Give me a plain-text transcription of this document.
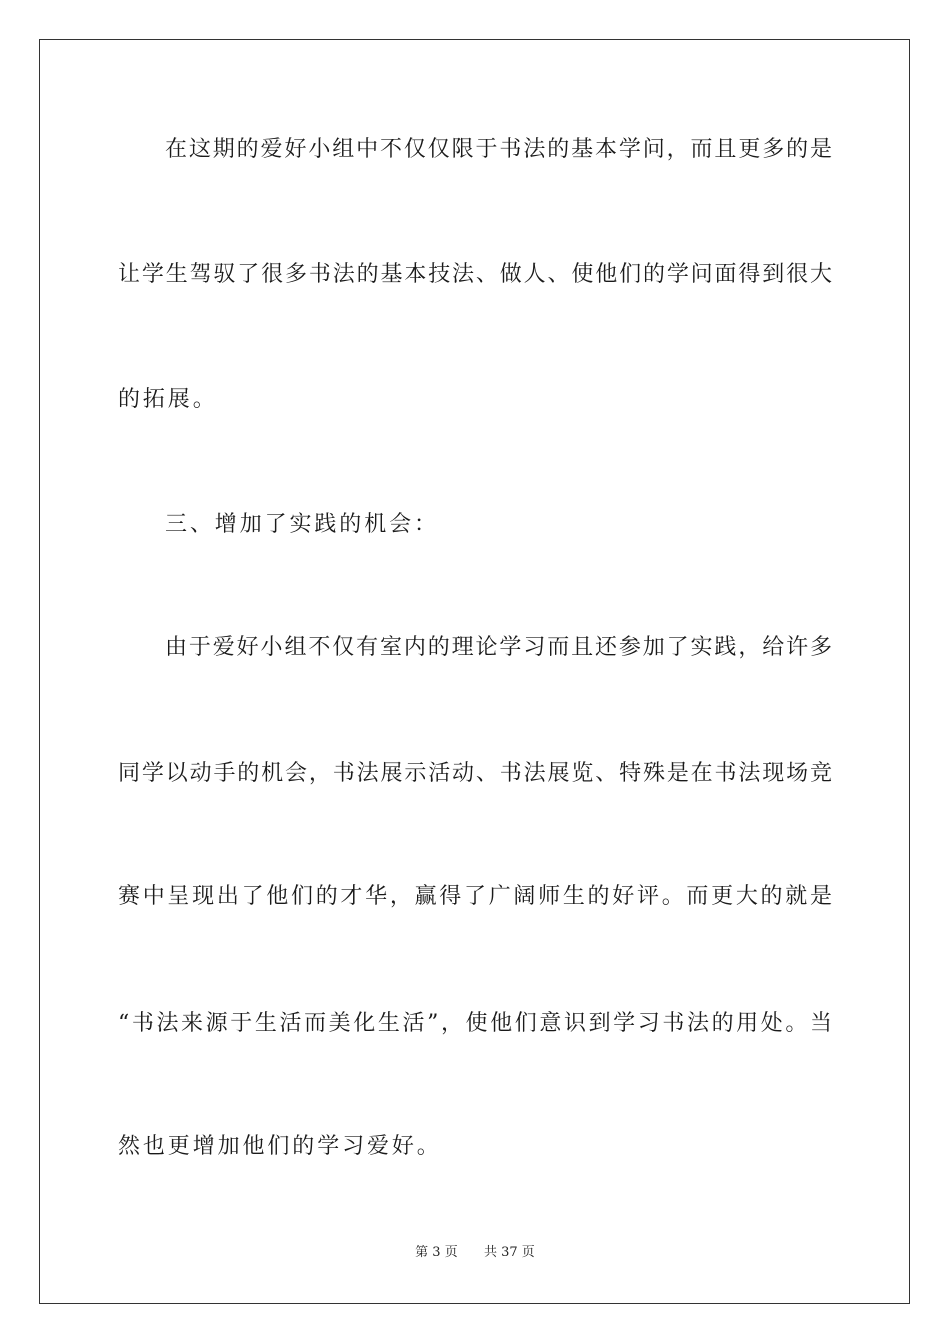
在这期的爱好小组中不仅仅限于书法的基本学问，而且更多的是
让学生驾驭了很多书法的基本技法、做人、使他们的学问面得到很大
的拓展。
三、增加了实践的机会：
由于爱好小组不仅有室内的理论学习而且还参加了实践，给许多
同学以动手的机会，书法展示活动、书法展览、特殊是在书法现场竞
赛中呈现出了他们的才华，赢得了广阔师生的好评。而更大的就是
“书法来源于生活而美化生活”，使他们意识到学习书法的用处。当
然也更增加他们的学习爱好。
第 3 页 共 37 页
